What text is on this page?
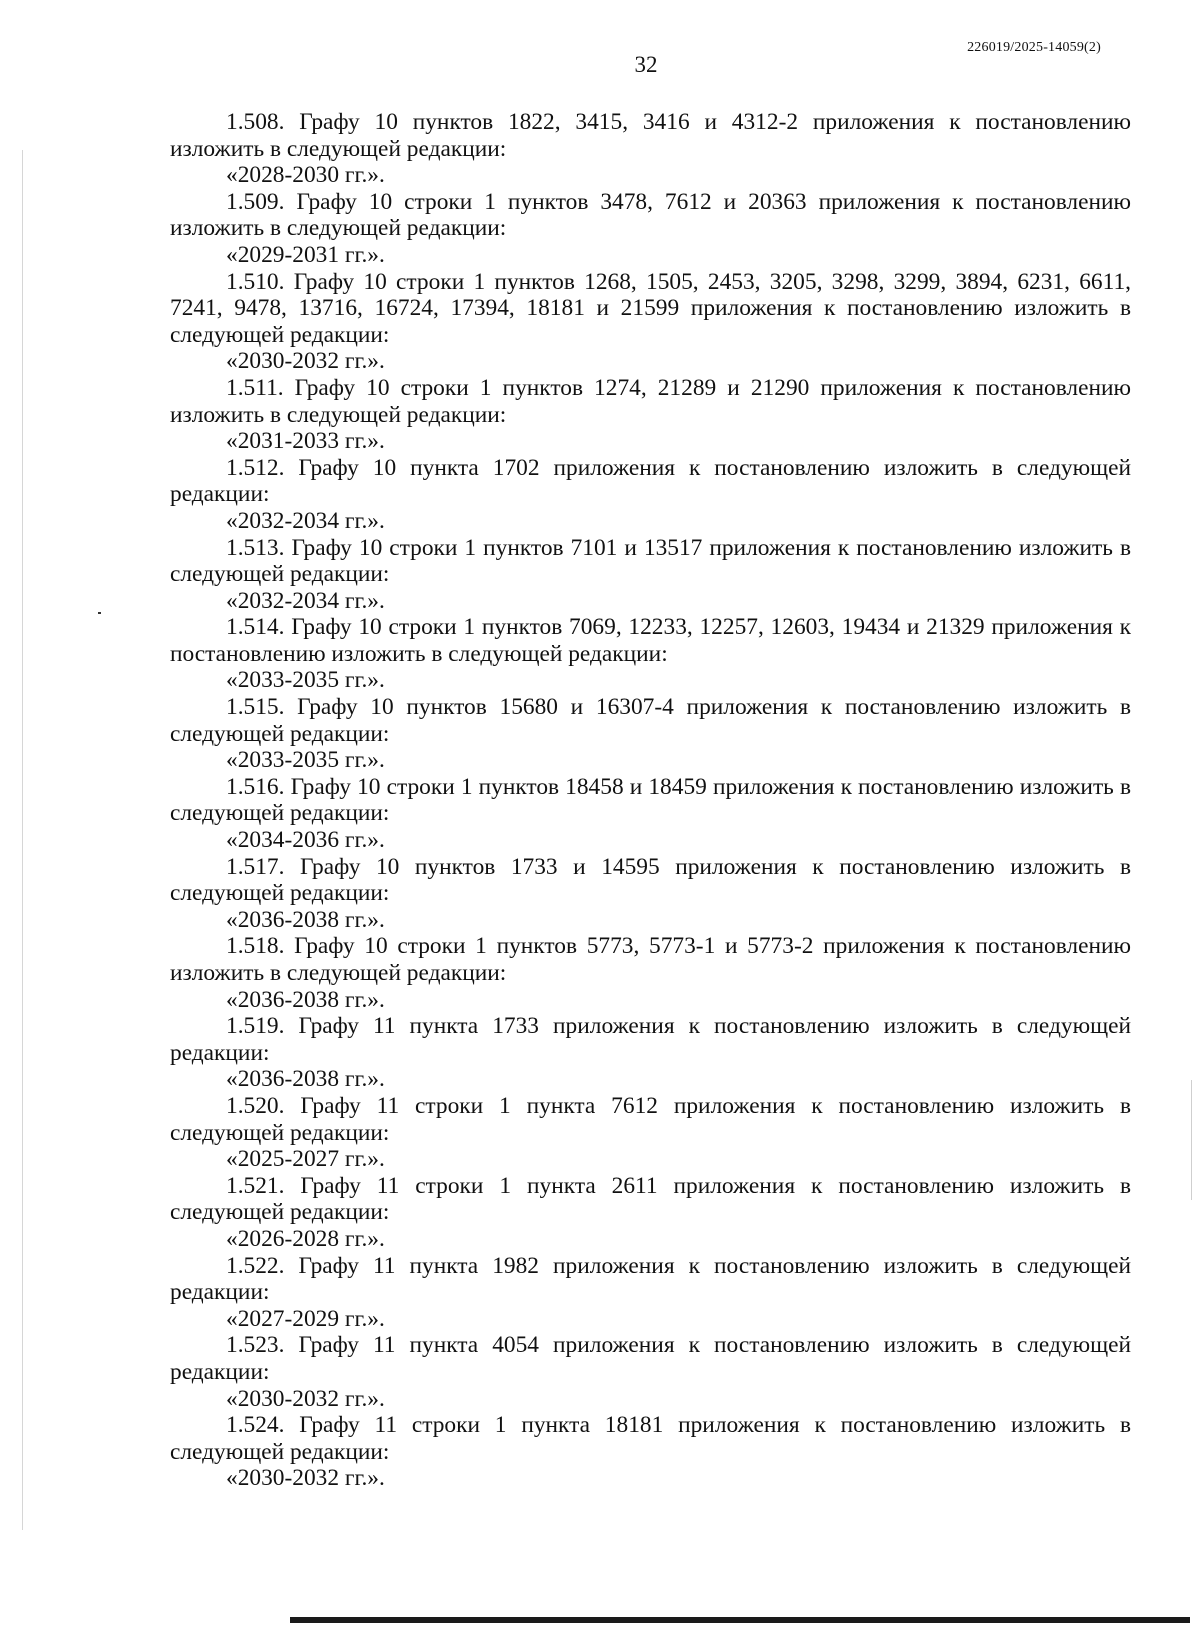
226019/2025-14059(2)
32

1.508. Графу 10 пунктов 1822, 3415, 3416 и 4312-2 приложения к постановлению изложить в следующей редакции:

«2028-2030 гг.».

1.509. Графу 10 строки 1 пунктов 3478, 7612 и 20363 приложения к постановлению изложить в следующей редакции:

«2029-2031 гг.».

1.510. Графу 10 строки 1 пунктов 1268, 1505, 2453, 3205, 3298, 3299, 3894, 6231, 6611, 7241, 9478, 13716, 16724, 17394, 18181 и 21599 приложения к постановлению изложить в следующей редакции:

«2030-2032 гг.».

1.511. Графу 10 строки 1 пунктов 1274, 21289 и 21290 приложения к постановлению изложить в следующей редакции:

«2031-2033 гг.».

1.512. Графу 10 пункта 1702 приложения к постановлению изложить в следующей редакции:

«2032-2034 гг.».

1.513. Графу 10 строки 1 пунктов 7101 и 13517 приложения к постановлению изложить в следующей редакции:

«2032-2034 гг.».

1.514. Графу 10 строки 1 пунктов 7069, 12233, 12257, 12603, 19434 и 21329 приложения к постановлению изложить в следующей редакции:

«2033-2035 гг.».

1.515. Графу 10 пунктов 15680 и 16307-4 приложения к постановлению изложить в следующей редакции:

«2033-2035 гг.».

1.516. Графу 10 строки 1 пунктов 18458 и 18459 приложения к постановлению изложить в следующей редакции:

«2034-2036 гг.».

1.517. Графу 10 пунктов 1733 и 14595 приложения к постановлению изложить в следующей редакции:

«2036-2038 гг.».

1.518. Графу 10 строки 1 пунктов 5773, 5773-1 и 5773-2 приложения к постановлению изложить в следующей редакции:

«2036-2038 гг.».

1.519. Графу 11 пункта 1733 приложения к постановлению изложить в следующей редакции:

«2036-2038 гг.».

1.520. Графу 11 строки 1 пункта 7612 приложения к постановлению изложить в следующей редакции:

«2025-2027 гг.».

1.521. Графу 11 строки 1 пункта 2611 приложения к постановлению изложить в следующей редакции:

«2026-2028 гг.».

1.522. Графу 11 пункта 1982 приложения к постановлению изложить в следующей редакции:

«2027-2029 гг.».

1.523. Графу 11 пункта 4054 приложения к постановлению изложить в следующей редакции:

«2030-2032 гг.».

1.524. Графу 11 строки 1 пункта 18181 приложения к постановлению изложить в следующей редакции:

«2030-2032 гг.».
